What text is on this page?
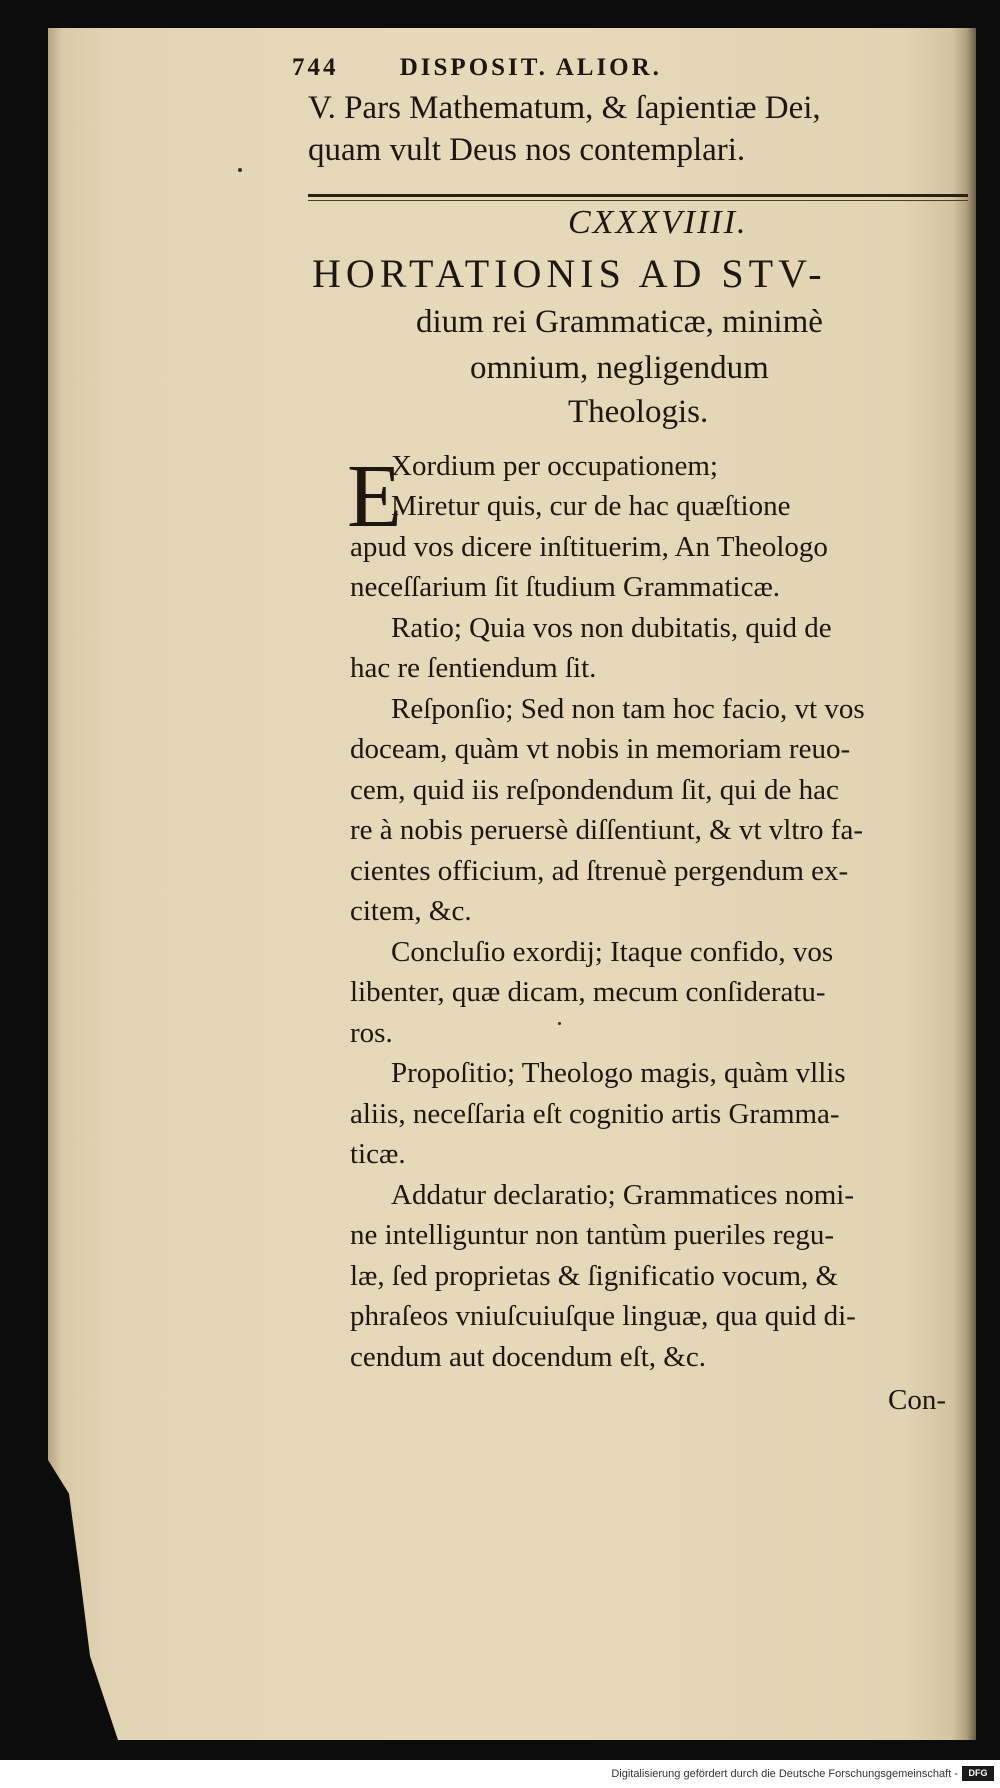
744 DISPOSIT. ALIOR.
V. Pars Mathematum, & ſapientiæ Dei,
quam vult Deus nos contemplari.
CXXXVIIII.
HORTATIONIS AD STV-
dium rei Grammaticæ, minimè
omnium, negligendum
Theologis.
E
Xordium per occupationem;
Miretur quis, cur de hac quæſtione
apud vos dicere inſtituerim, An Theologo
neceſſarium ſit ſtudium Grammaticæ.
Ratio; Quia vos non dubitatis, quid de
hac re ſentiendum ſit.
Reſponſio; Sed non tam hoc facio, vt vos
doceam, quàm vt nobis in memoriam reuo-
cem, quid iis reſpondendum ſit, qui de hac
re à nobis peruersè diſſentiunt, & vt vltro fa-
cientes officium, ad ſtrenuè pergendum ex-
citem, &c.
Concluſio exordij; Itaque confido, vos
libenter, quæ dicam, mecum conſideratu-
ros.
Propoſitio; Theologo magis, quàm vllis
aliis, neceſſaria eſt cognitio artis Gramma-
ticæ.
Addatur declaratio; Grammatices nomi-
ne intelliguntur non tantùm pueriles regu-
læ, ſed proprietas & ſignificatio vocum, &
phraſeos vniuſcuiuſque linguæ, qua quid di-
cendum aut docendum eſt, &c.
Con-
Digitalisierung gefördert durch die Deutsche Forschungsgemeinschaft -	DFG
